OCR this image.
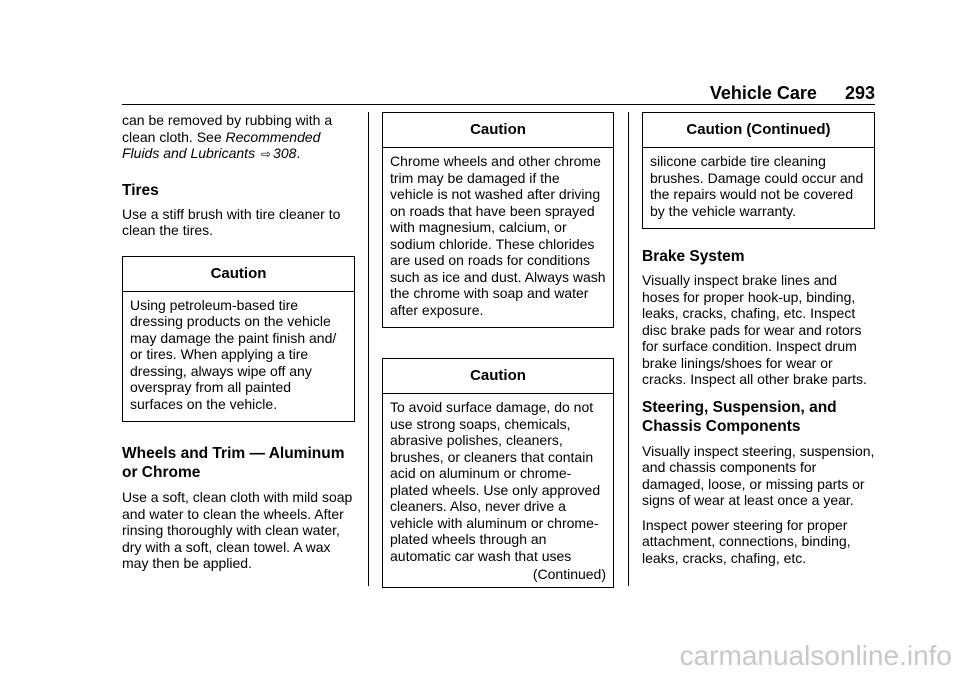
Vehicle Care 293

can be removed by rubbing with a clean cloth. See Recommended Fluids and Lubricants ⇨ 308.

Tires

Use a stiff brush with tire cleaner to clean the tires.

Caution
Using petroleum-based tire dressing products on the vehicle may damage the paint finish and/ or tires. When applying a tire dressing, always wipe off any overspray from all painted surfaces on the vehicle.
Wheels and Trim — Aluminum or Chrome

Use a soft, clean cloth with mild soap and water to clean the wheels. After rinsing thoroughly with clean water, dry with a soft, clean towel. A wax may then be applied.

Caution
Chrome wheels and other chrome trim may be damaged if the vehicle is not washed after driving on roads that have been sprayed with magnesium, calcium, or sodium chloride. These chlorides are used on roads for conditions such as ice and dust. Always wash the chrome with soap and water after exposure.
Caution
To avoid surface damage, do not use strong soaps, chemicals, abrasive polishes, cleaners, brushes, or cleaners that contain acid on aluminum or chrome-plated wheels. Use only approved cleaners. Also, never drive a vehicle with aluminum or chrome-plated wheels through an automatic car wash that uses
(Continued)
Caution (Continued)
silicone carbide tire cleaning brushes. Damage could occur and the repairs would not be covered by the vehicle warranty.
Brake System

Visually inspect brake lines and hoses for proper hook-up, binding, leaks, cracks, chafing, etc. Inspect disc brake pads for wear and rotors for surface condition. Inspect drum brake linings/shoes for wear or cracks. Inspect all other brake parts.

Steering, Suspension, and Chassis Components

Visually inspect steering, suspension, and chassis components for damaged, loose, or missing parts or signs of wear at least once a year.

Inspect power steering for proper attachment, connections, binding, leaks, cracks, chafing, etc.

carmanualsonline.info
